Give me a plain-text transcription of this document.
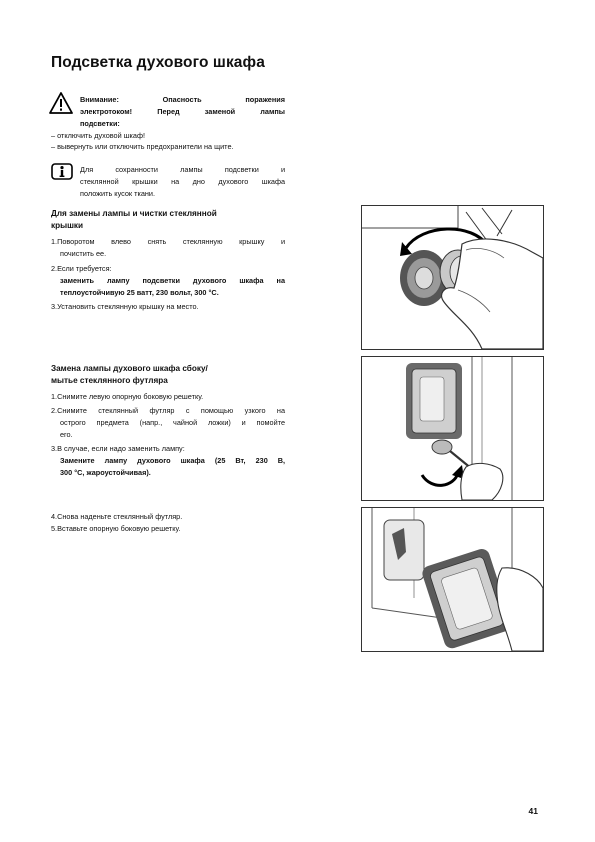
Подсветка духового шкафа
Внимание:	Опасность	поражения
электротоком!	Перед	заменой	лампы
подсветки:
– отключить духовой шкаф!
– вывернуть или отключить предохранители на щите.
Для	сохранности	лампы	подсветки	и
стеклянной крышки на дно духового шкафа
положить кусок ткани.
Для замены лампы и чистки стеклянной
крышки
1.Поворотом влево снять стеклянную крышку и
почистить ее.
2.Если требуется:
заменить лампу подсветки духового шкафа на
теплоустойчивую 25 ватт, 230 вольт, 300 °С.
3.Установить стеклянную крышку на место.
Замена лампы духового шкафа сбоку/
мытье стеклянного футляра
1.Снимите левую опорную боковую решетку.
2.Снимите стеклянный футляр с помощью узкого на
острого предмета (напр., чайной ложки) и помойте
его.
3.В случае, если надо заменить лампу:
Замените лампу духового шкафа (25 Вт, 230 В,
300 °С, жароустойчивая).
4.Снова наденьте стеклянный футляр.
5.Вставьте опорную боковую решетку.
41
